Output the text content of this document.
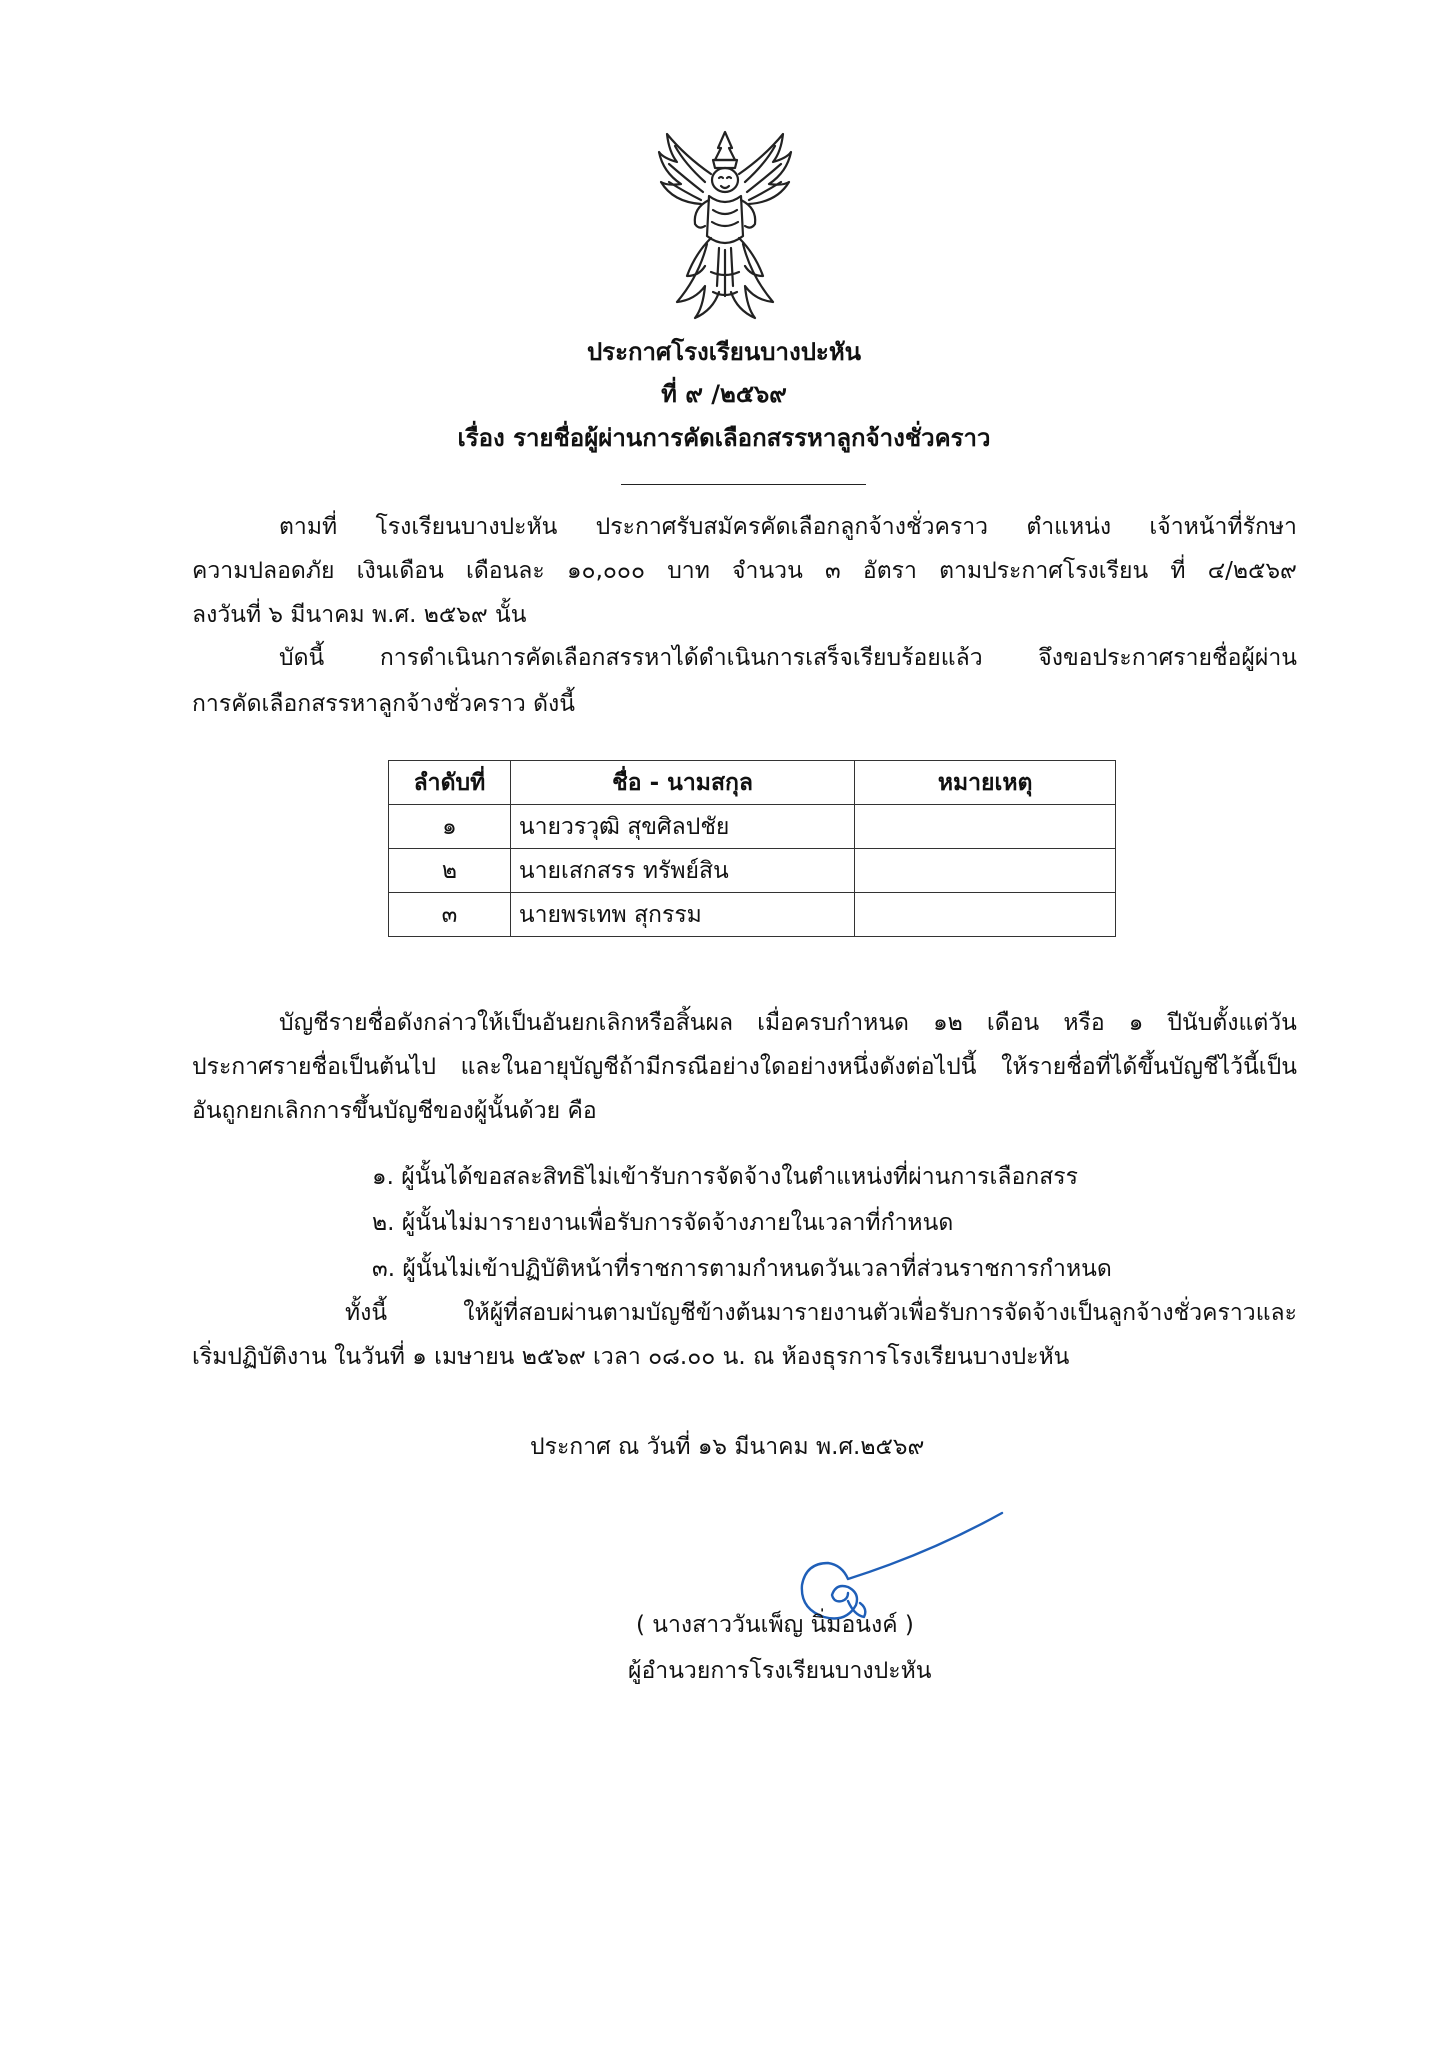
ประกาศโรงเรียนบางปะหัน
ที่ ๙ /๒๕๖๙
เรื่อง รายชื่อผู้ผ่านการคัดเลือกสรรหาลูกจ้างชั่วคราว
ตามที่ โรงเรียนบางปะหัน ประกาศรับสมัครคัดเลือกลูกจ้างชั่วคราว ตำแหน่ง เจ้าหน้าที่รักษา
ความปลอดภัย เงินเดือน เดือนละ ๑๐,๐๐๐ บาท จำนวน ๓ อัตรา ตามประกาศโรงเรียน ที่ ๔/๒๕๖๙
ลงวันที่ ๖ มีนาคม พ.ศ. ๒๕๖๙ นั้น
บัดนี้ การดำเนินการคัดเลือกสรรหาได้ดำเนินการเสร็จเรียบร้อยแล้ว จึงขอประกาศรายชื่อผู้ผ่าน
การคัดเลือกสรรหาลูกจ้างชั่วคราว ดังนี้
ลำดับที่	ชื่อ - นามสกุล	หมายเหตุ
๑	นายวรวุฒิ สุขศิลปชัย	
๒	นายเสกสรร ทรัพย์สิน	
๓	นายพรเทพ สุกรรม	
บัญชีรายชื่อดังกล่าวให้เป็นอันยกเลิกหรือสิ้นผล เมื่อครบกำหนด ๑๒ เดือน หรือ ๑ ปีนับตั้งแต่วัน
ประกาศรายชื่อเป็นต้นไป และในอายุบัญชีถ้ามีกรณีอย่างใดอย่างหนึ่งดังต่อไปนี้ ให้รายชื่อที่ได้ขึ้นบัญชีไว้นี้เป็น
อันถูกยกเลิกการขึ้นบัญชีของผู้นั้นด้วย คือ
๑. ผู้นั้นได้ขอสละสิทธิไม่เข้ารับการจัดจ้างในตำแหน่งที่ผ่านการเลือกสรร
๒. ผู้นั้นไม่มารายงานเพื่อรับการจัดจ้างภายในเวลาที่กำหนด
๓. ผู้นั้นไม่เข้าปฏิบัติหน้าที่ราชการตามกำหนดวันเวลาที่ส่วนราชการกำหนด
ทั้งนี้	ให้ผู้ที่สอบผ่านตามบัญชีข้างต้นมารายงานตัวเพื่อรับการจัดจ้างเป็นลูกจ้างชั่วคราวและ
เริ่มปฏิบัติงาน ในวันที่ ๑ เมษายน ๒๕๖๙ เวลา ๐๘.๐๐ น. ณ ห้องธุรการโรงเรียนบางปะหัน
ประกาศ ณ วันที่ ๑๖ มีนาคม พ.ศ.๒๕๖๙
( นางสาววันเพ็ญ นิ่มอนงค์ )
ผู้อำนวยการโรงเรียนบางปะหัน
